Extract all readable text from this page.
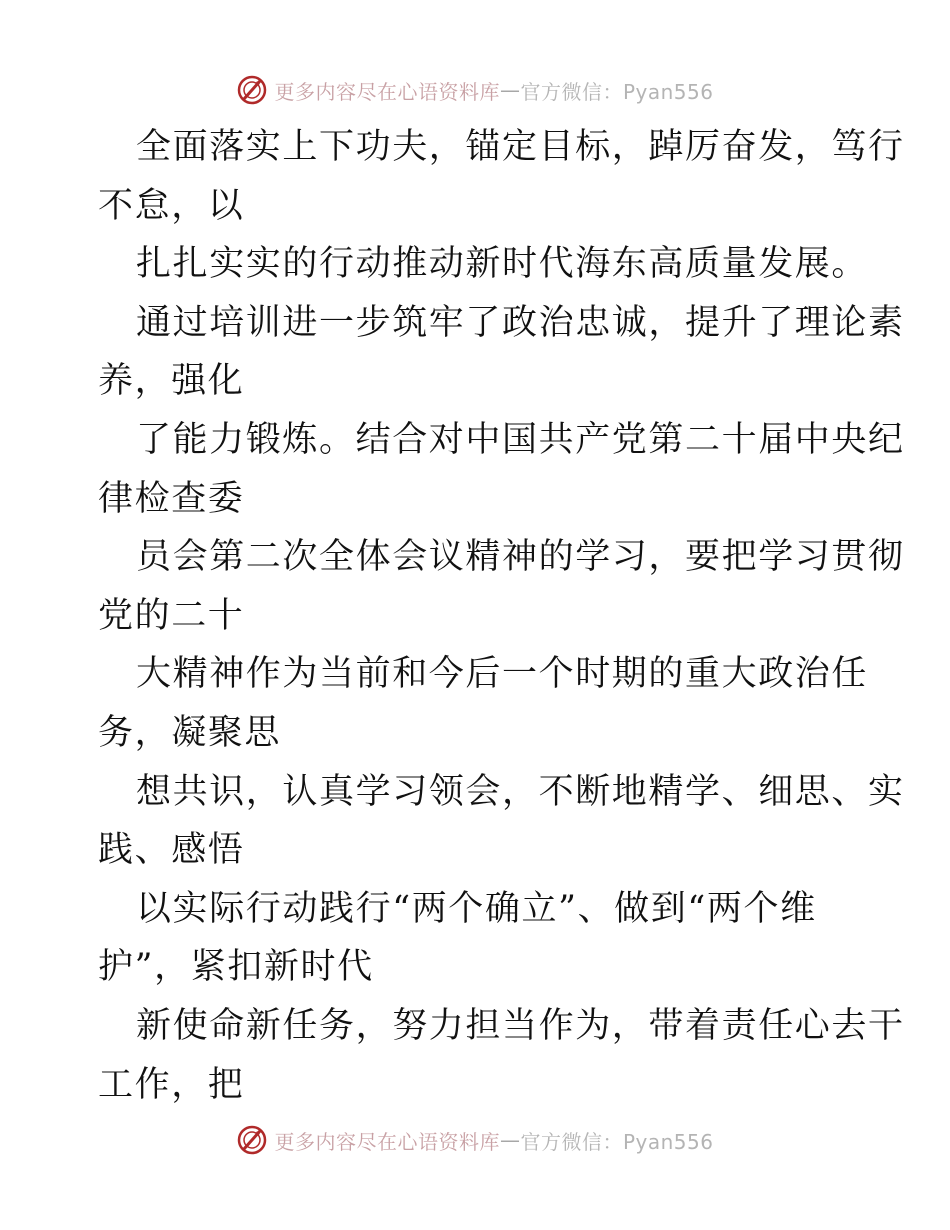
更多内容尽在心语资料库 — 官方微信：Pyan556
全面落实上下功夫，锚定目标，踔厉奋发，笃行
不怠，以
扎扎实实的行动推动新时代海东高质量发展。
通过培训进一步筑牢了政治忠诚，提升了理论素
养，强化
了能力锻炼。结合对中国共产党第二十届中央纪
律检查委
员会第二次全体会议精神的学习，要把学习贯彻
党的二十
大精神作为当前和今后一个时期的重大政治任
务，凝聚思
想共识，认真学习领会，不断地精学、细思、实
践、感悟
以实际行动践行“两个确立”、做到“两个维
护”，紧扣新时代
新使命新任务，努力担当作为，带着责任心去干
工作，把
更多内容尽在心语资料库 — 官方微信：Pyan556
